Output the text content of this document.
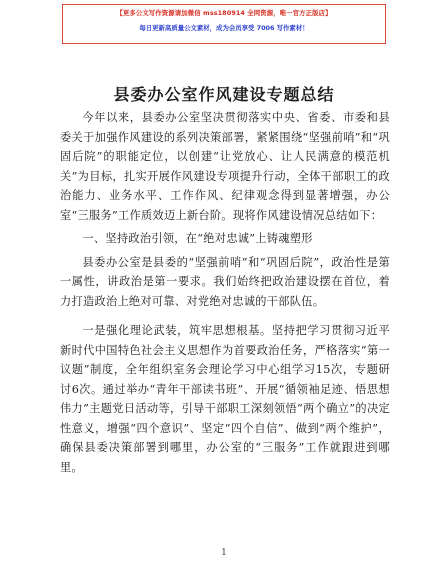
【更多公文写作资源请加微信 mss180914 全网资源，唯一官方正版店】
每日更新高质量公文素材，成为会员享受 7006 写作素材！
县委办公室作风建设专题总结

今年以来，县委办公室坚决贯彻落实中央、省委、市委和县委关于加强作风建设的系列决策部署，紧紧围绕“坚强前哨”和“巩固后院”的职能定位，以创建“让党放心、让人民满意的模范机关”为目标，扎实开展作风建设专项提升行动，全体干部职工的政治能力、业务水平、工作作风、纪律观念得到显著增强，办公室“三服务”工作质效迈上新台阶。现将作风建设情况总结如下：

一、坚持政治引领，在“绝对忠诚”上铸魂塑形

县委办公室是县委的“坚强前哨”和“巩固后院”，政治性是第一属性，讲政治是第一要求。我们始终把政治建设摆在首位，着力打造政治上绝对可靠、对党绝对忠诚的干部队伍。

一是强化理论武装，筑牢思想根基。坚持把学习贯彻习近平新时代中国特色社会主义思想作为首要政治任务，严格落实“第一议题”制度，全年组织室务会理论学习中心组学习15次，专题研讨6次。通过举办“青年干部读书班”、开展“循领袖足迹、悟思想伟力”主题党日活动等，引导干部职工深刻领悟“两个确立”的决定性意义，增强“四个意识”、坚定“四个自信”、做到“两个维护”，确保县委决策部署到哪里，办公室的“三服务”工作就跟进到哪里。

1
